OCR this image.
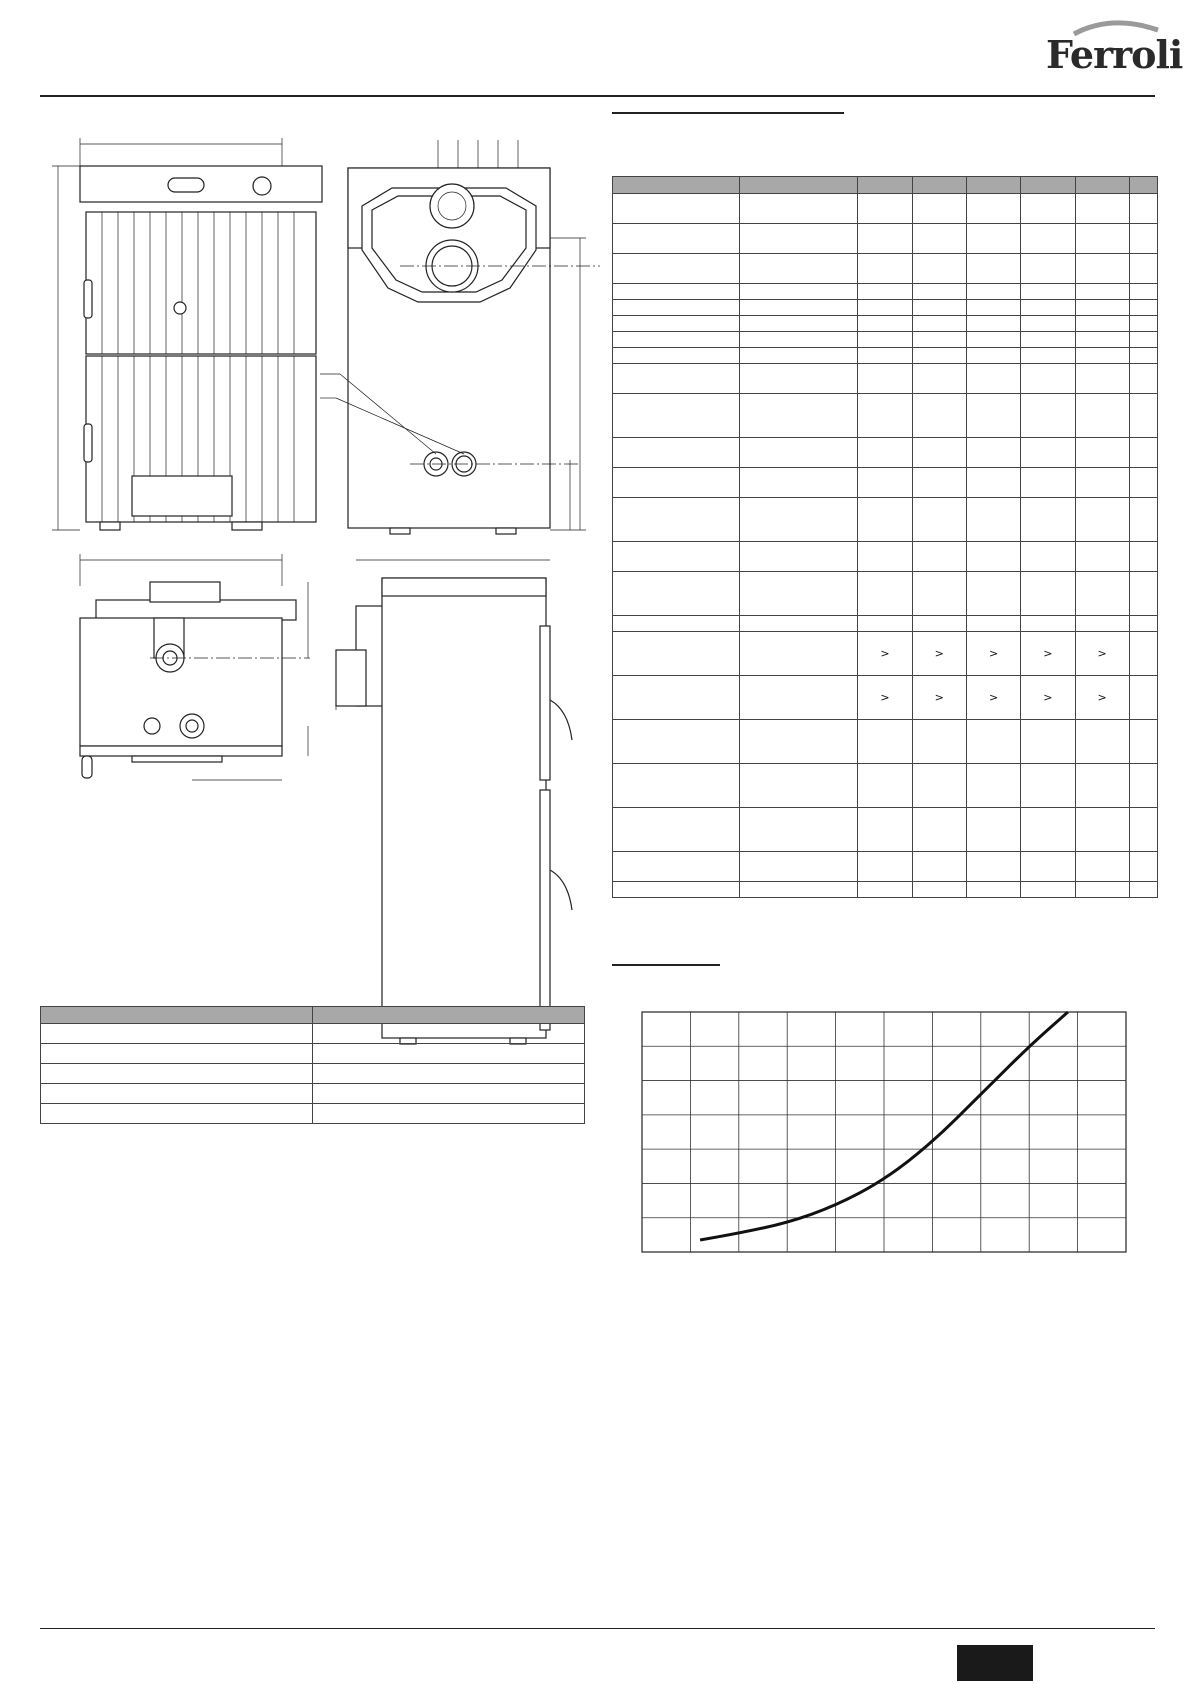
Ferroli

		>	>	>	>	>	
		>	>	>	>	>	
